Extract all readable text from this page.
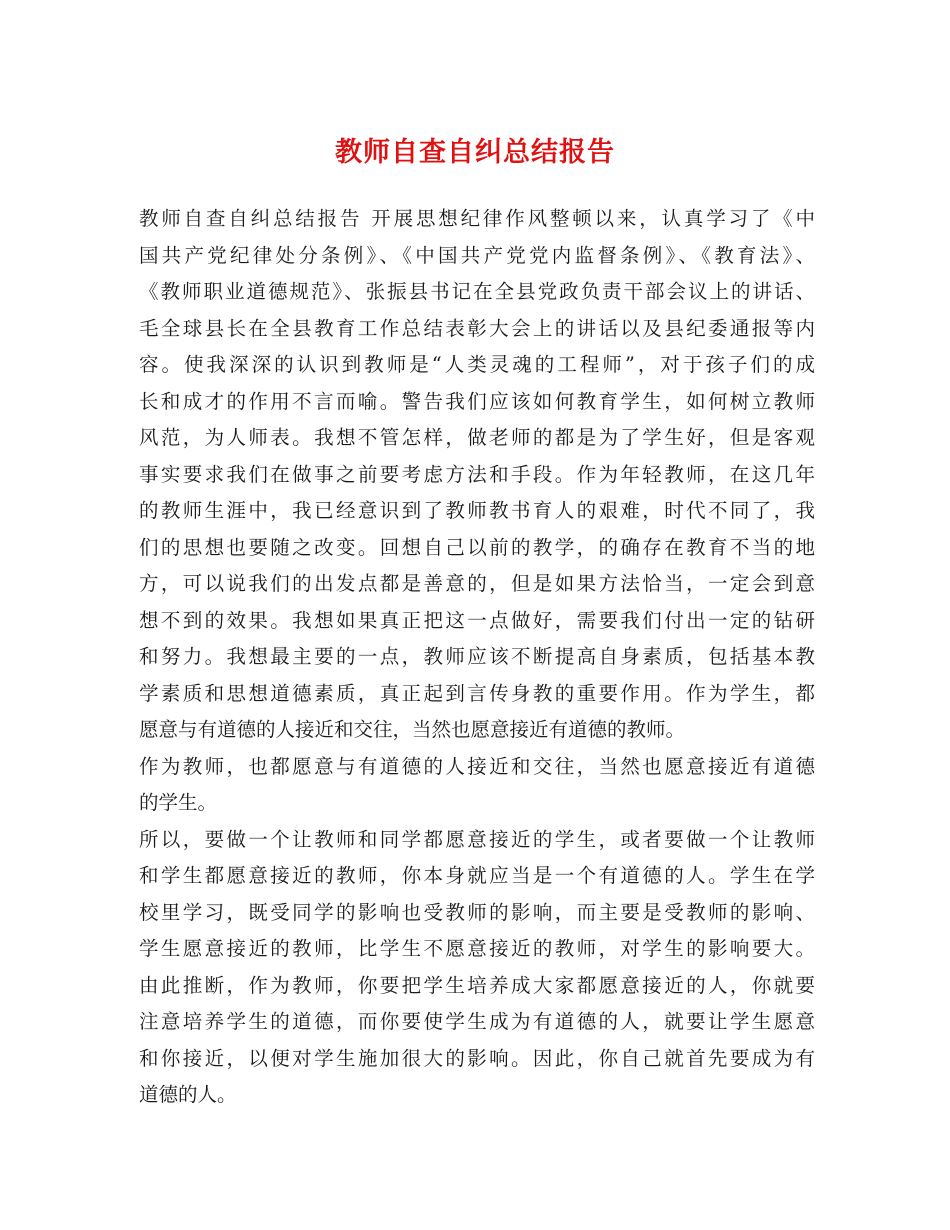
教师自查自纠总结报告
教师自查自纠总结报告 开展思想纪律作风整顿以来，认真学习了《中
国共产党纪律处分条例》、《中国共产党党内监督条例》、《教育法》、
《教师职业道德规范》、张振县书记在全县党政负责干部会议上的讲话、
毛全球县长在全县教育工作总结表彰大会上的讲话以及县纪委通报等内
容。使我深深的认识到教师是“人类灵魂的工程师”，对于孩子们的成
长和成才的作用不言而喻。警告我们应该如何教育学生，如何树立教师
风范，为人师表。我想不管怎样，做老师的都是为了学生好，但是客观
事实要求我们在做事之前要考虑方法和手段。作为年轻教师，在这几年
的教师生涯中，我已经意识到了教师教书育人的艰难，时代不同了，我
们的思想也要随之改变。回想自己以前的教学，的确存在教育不当的地
方，可以说我们的出发点都是善意的，但是如果方法恰当，一定会到意
想不到的效果。我想如果真正把这一点做好，需要我们付出一定的钻研
和努力。我想最主要的一点，教师应该不断提高自身素质，包括基本教
学素质和思想道德素质，真正起到言传身教的重要作用。作为学生，都
愿意与有道德的人接近和交往，当然也愿意接近有道德的教师。
作为教师，也都愿意与有道德的人接近和交往，当然也愿意接近有道德
的学生。
所以，要做一个让教师和同学都愿意接近的学生，或者要做一个让教师
和学生都愿意接近的教师，你本身就应当是一个有道德的人。学生在学
校里学习，既受同学的影响也受教师的影响，而主要是受教师的影响、
学生愿意接近的教师，比学生不愿意接近的教师，对学生的影响要大。
由此推断，作为教师，你要把学生培养成大家都愿意接近的人，你就要
注意培养学生的道德，而你要使学生成为有道德的人，就要让学生愿意
和你接近，以便对学生施加很大的影响。因此，你自己就首先要成为有
道德的人。
